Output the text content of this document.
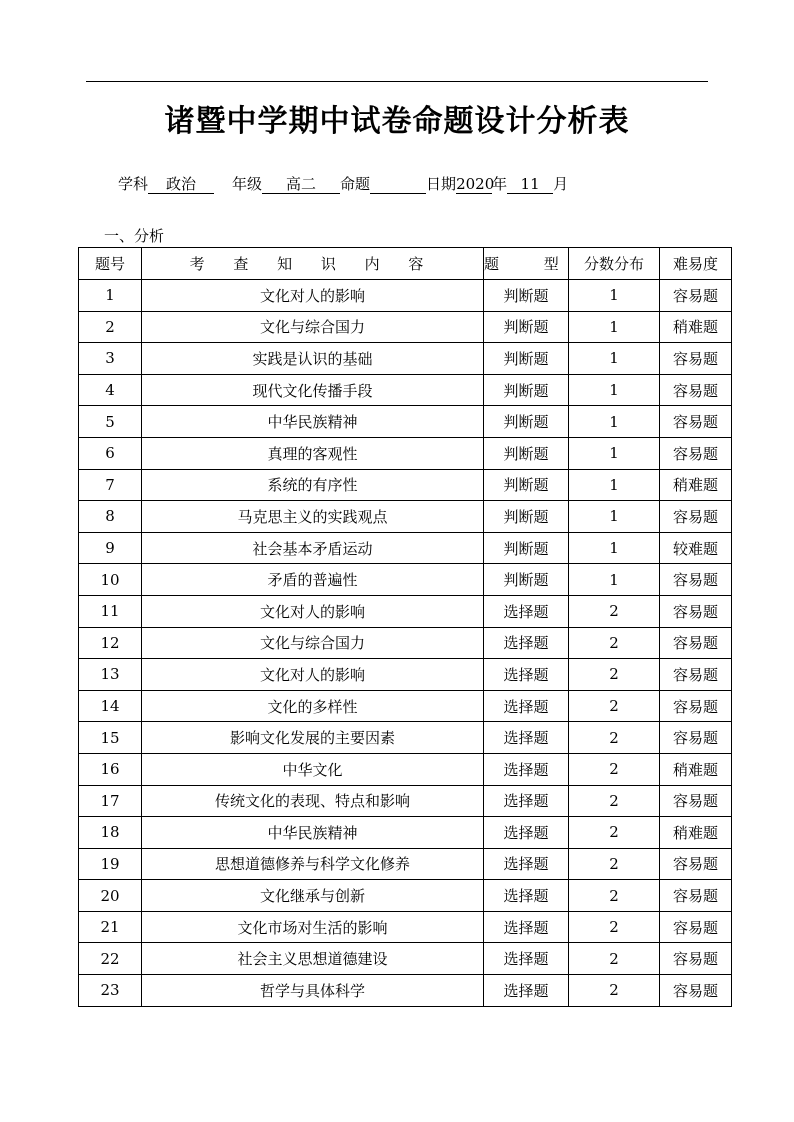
诸暨中学期中试卷命题设计分析表
学科 政治 年级 高二 命题	日期2020年 11 月
一、分析
题号	考 查 知 识 内 容	题 型	分数分布	难易度
1	文化对人的影响	判断题	1	容易题
2	文化与综合国力	判断题	1	稍难题
3	实践是认识的基础	判断题	1	容易题
4	现代文化传播手段	判断题	1	容易题
5	中华民族精神	判断题	1	容易题
6	真理的客观性	判断题	1	容易题
7	系统的有序性	判断题	1	稍难题
8	马克思主义的实践观点	判断题	1	容易题
9	社会基本矛盾运动	判断题	1	较难题
10	矛盾的普遍性	判断题	1	容易题
11	文化对人的影响	选择题	2	容易题
12	文化与综合国力	选择题	2	容易题
13	文化对人的影响	选择题	2	容易题
14	文化的多样性	选择题	2	容易题
15	影响文化发展的主要因素	选择题	2	容易题
16	中华文化	选择题	2	稍难题
17	传统文化的表现、特点和影响	选择题	2	容易题
18	中华民族精神	选择题	2	稍难题
19	思想道德修养与科学文化修养	选择题	2	容易题
20	文化继承与创新	选择题	2	容易题
21	文化市场对生活的影响	选择题	2	容易题
22	社会主义思想道德建设	选择题	2	容易题
23	哲学与具体科学	选择题	2	容易题
